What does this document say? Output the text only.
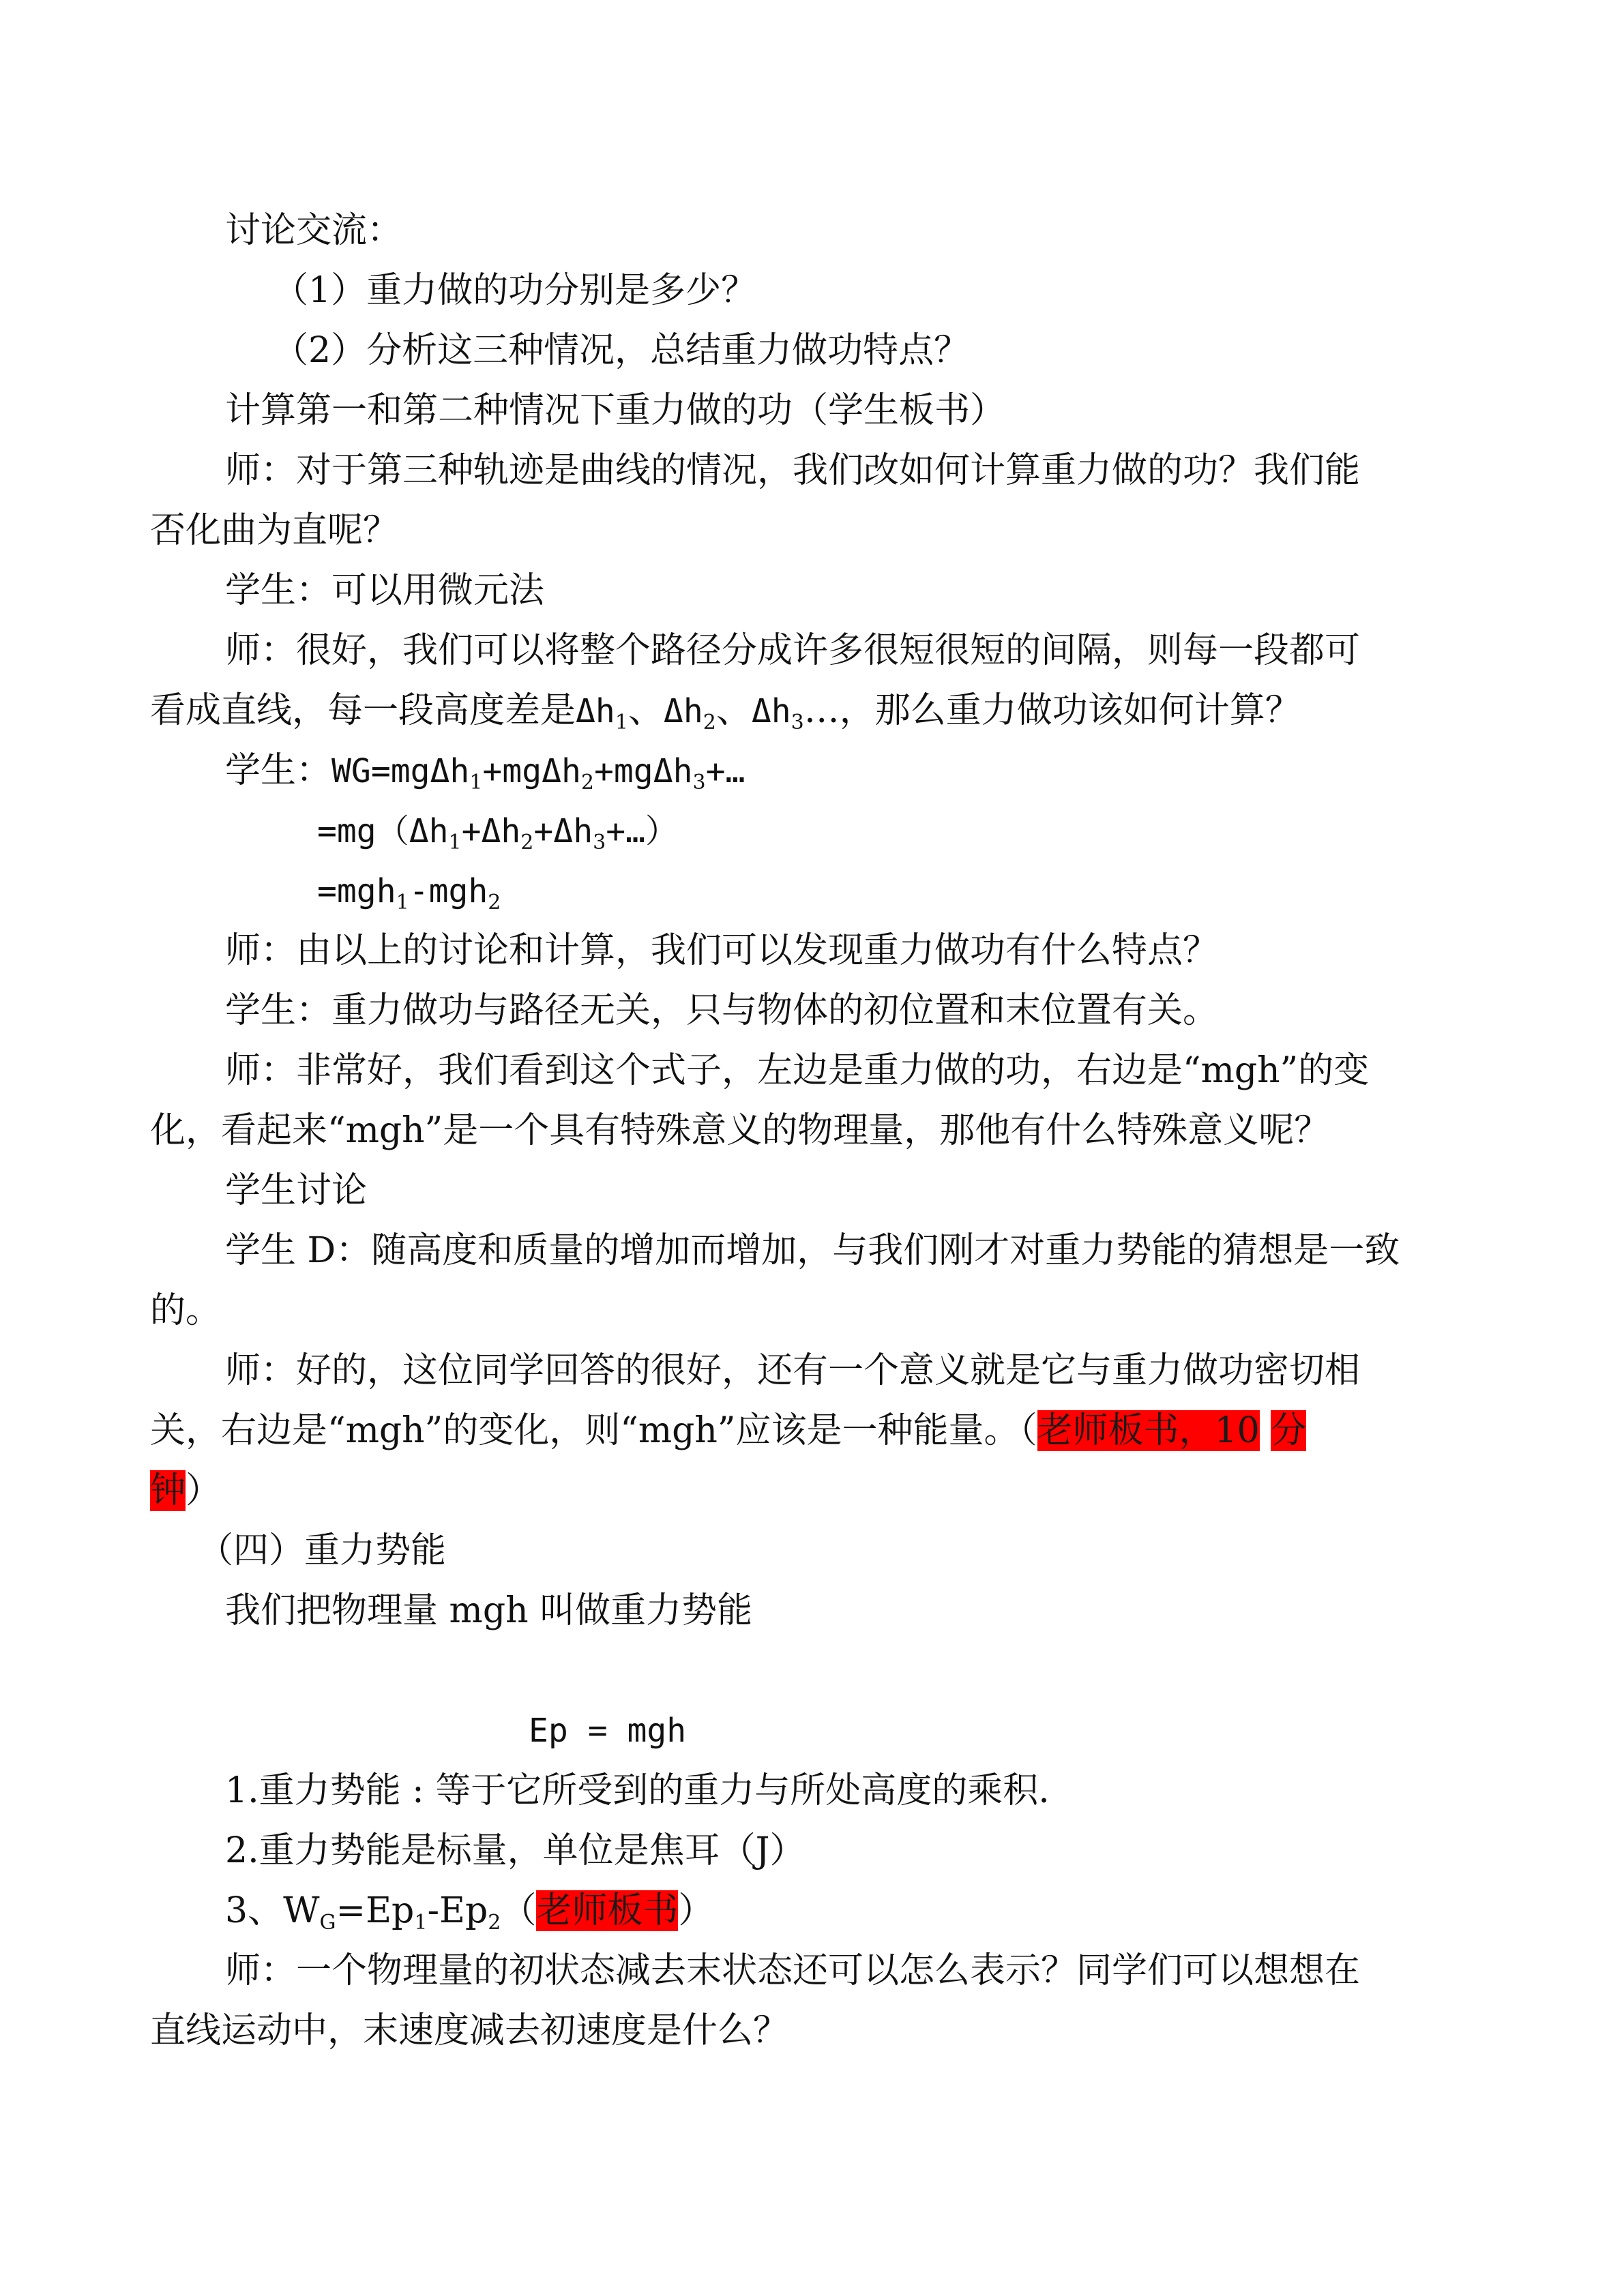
讨论交流：
（1）重力做的功分别是多少？
（2）分析这三种情况，总结重力做功特点？
计算第一和第二种情况下重力做的功（学生板书）
师：对于第三种轨迹是曲线的情况，我们改如何计算重力做的功？我们能
否化曲为直呢？
学生：可以用微元法
师：很好，我们可以将整个路径分成许多很短很短的间隔，则每一段都可
看成直线，每一段高度差是$\Delta h_1$、$\Delta h_2$、$\Delta h_3\dots$，那么重力做功该如何计算？
学生：WG=mgΔh$_1$+mgΔh$_2$+mgΔh$_3$+…
$=mg(\Delta h_1+\Delta h_2+\Delta h_3+\dots)$
=mgh$_1$-mgh$_2$
师：由以上的讨论和计算，我们可以发现重力做功有什么特点？
学生：重力做功与路径无关，只与物体的初位置和末位置有关。
师：非常好，我们看到这个式子，左边是重力做的功，右边是“mgh”的变
化，看起来“mgh”是一个具有特殊意义的物理量，那他有什么特殊意义呢？
学生讨论
学生 D：随高度和质量的增加而增加，与我们刚才对重力势能的猜想是一致
的。
师：好的，这位同学回答的很好，还有一个意义就是它与重力做功密切相
关，右边是“mgh”的变化，则“mgh”应该是一种能量。（老师板书，10 分
钟）
（四）重力势能
我们把物理量 mgh 叫做重力势能
Ep = mgh
1.重力势能 : 等于它所受到的重力与所处高度的乘积.
2.重力势能是标量，单位是焦耳（J）
3、$W_G=Ep_1-Ep_2$（老师板书）
师：一个物理量的初状态减去末状态还可以怎么表示？同学们可以想想在
直线运动中，末速度减去初速度是什么？
